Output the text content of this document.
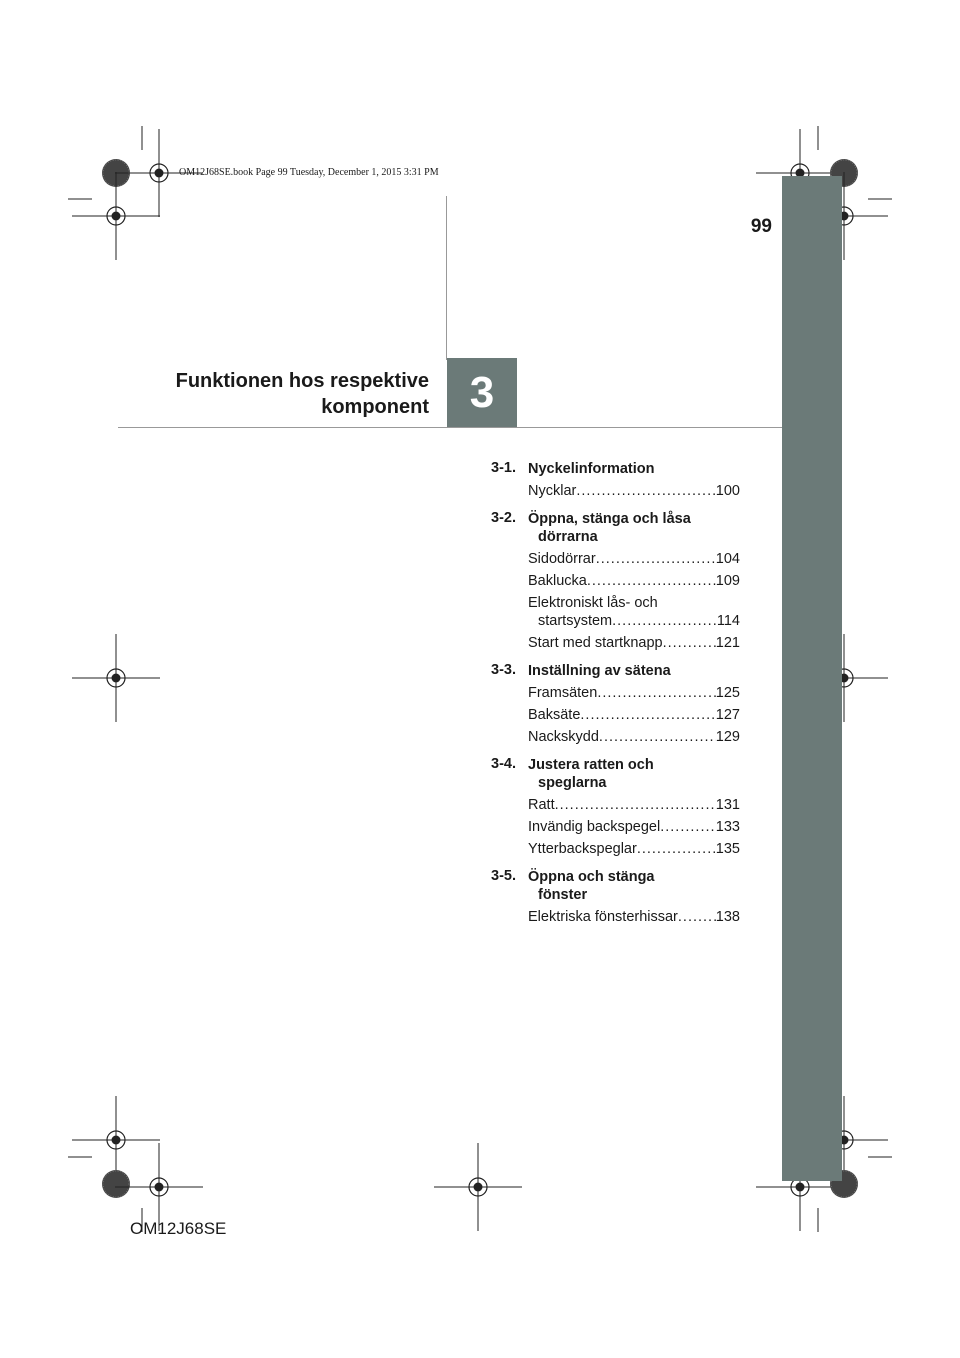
99
OM12J68SE.book Page 99 Tuesday, December 1, 2015 3:31 PM
3
Funktionen hos respektive
komponent
3-1. Nyckelinformation
Nycklar .....	100
3-2. Öppna, stänga och låsa
dörrarna
Sidodörrar .....	104
Baklucka .....	109
Elektroniskt lås- och
startsystem .....	114
Start med startknapp .....	121
3-3. Inställning av sätena
Framsäten .....	125
Baksäte .....	127
Nackskydd .....	129
3-4. Justera ratten och
speglarna
Ratt .....	131
Invändig backspegel .....	133
Ytterbackspeglar .....	135
3-5. Öppna och stänga
fönster
Elektriska fönsterhissar .....	138
OM12J68SE
